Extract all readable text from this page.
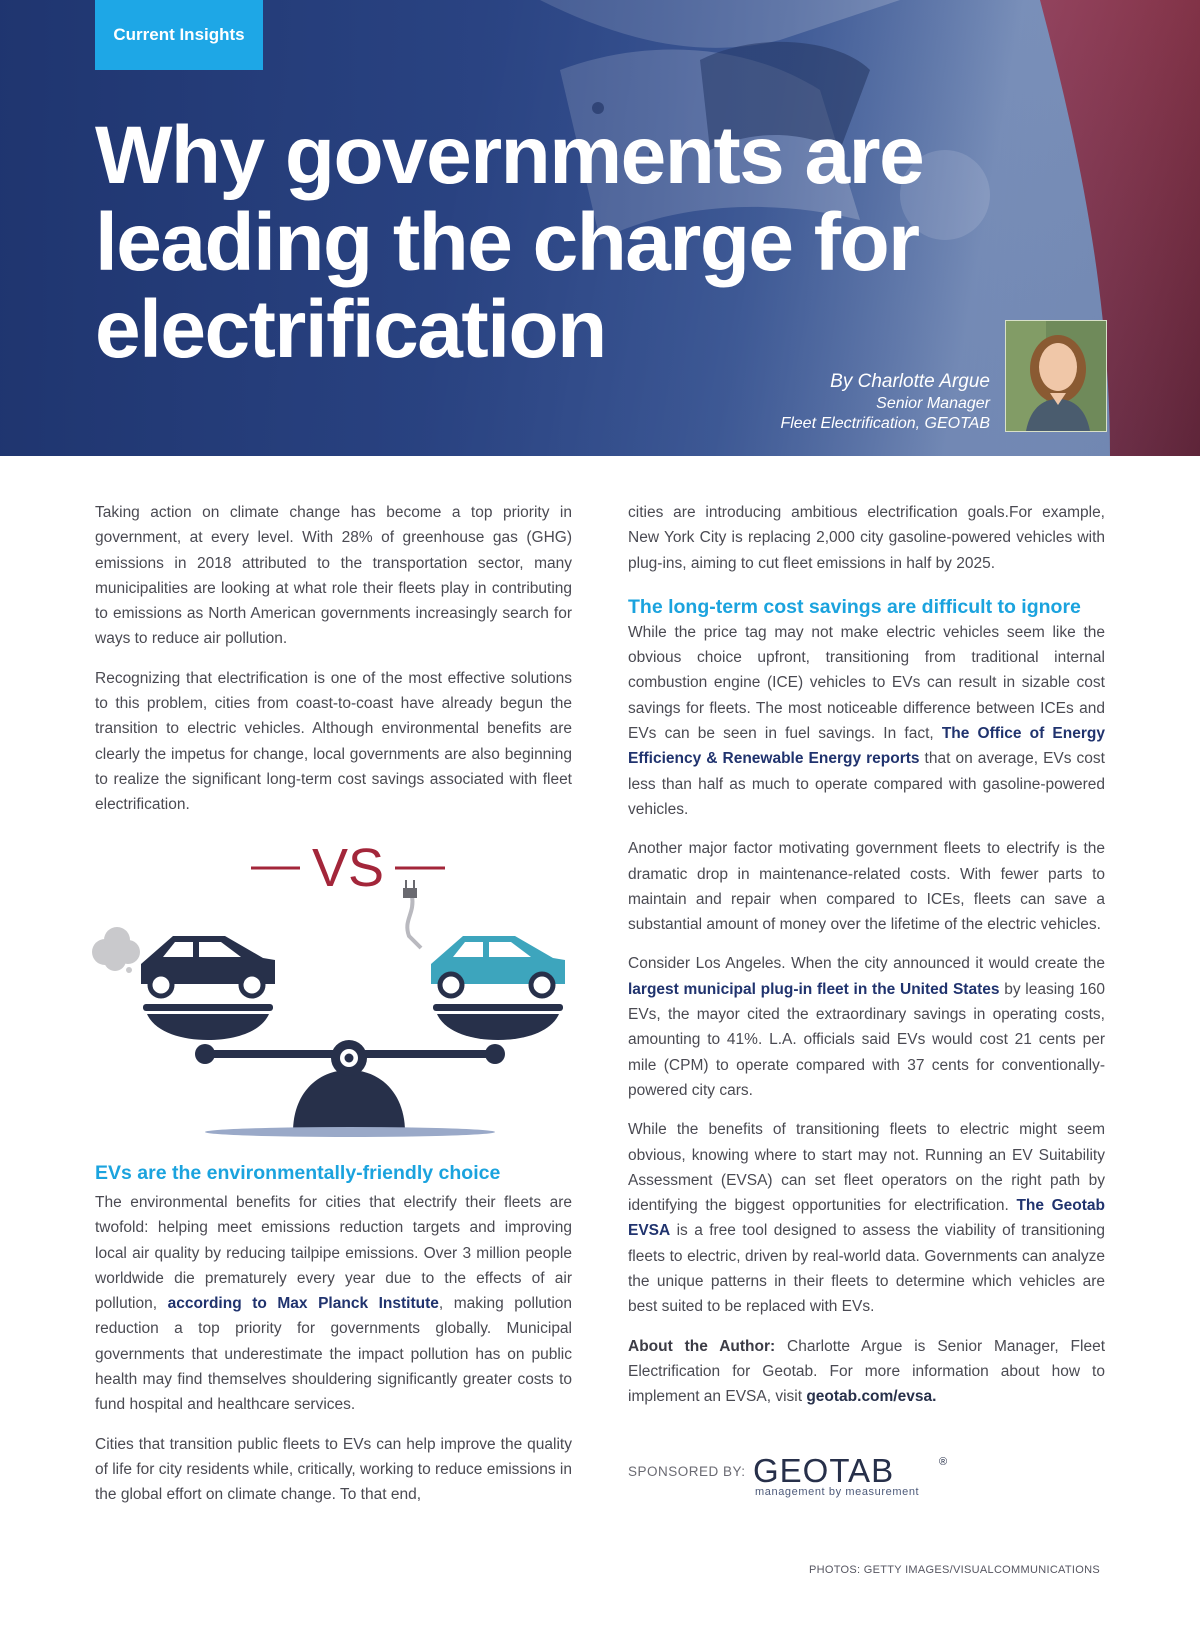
Current Insights
Why governments are leading the charge for electrification
By Charlotte Argue
Senior Manager
Fleet Electrification, GEOTAB

Taking action on climate change has become a top priority in government, at every level. With 28% of greenhouse gas (GHG) emissions in 2018 attributed to the transportation sector, many municipalities are looking at what role their fleets play in contributing to emissions as North American governments increasingly search for ways to reduce air pollution.

Recognizing that electrification is one of the most effective solutions to this problem, cities from coast-to-coast have already begun the transition to electric vehicles. Although environmental benefits are clearly the impetus for change, local governments are also beginning to realize the significant long-term cost savings associated with fleet electrification.

VS
EVs are the environmentally-friendly choice

The environmental benefits for cities that electrify their fleets are twofold: helping meet emissions reduction targets and improving local air quality by reducing tailpipe emissions. Over 3 million people worldwide die prematurely every year due to the effects of air pollution, according to Max Planck Institute, making pollution reduction a top priority for governments globally. Municipal governments that underestimate the impact pollution has on public health may find themselves shouldering significantly greater costs to fund hospital and healthcare services.

Cities that transition public fleets to EVs can help improve the quality of life for city residents while, critically, working to reduce emissions in the global effort on climate change. To that end,

cities are introducing ambitious electrification goals.For example, New York City is replacing 2,000 city gasoline-powered vehicles with plug-ins, aiming to cut fleet emissions in half by 2025.

The long-term cost savings are difficult to ignore

While the price tag may not make electric vehicles seem like the obvious choice upfront, transitioning from traditional internal combustion engine (ICE) vehicles to EVs can result in sizable cost savings for fleets. The most noticeable difference between ICEs and EVs can be seen in fuel savings. In fact, The Office of Energy Efficiency & Renewable Energy reports that on average, EVs cost less than half as much to operate compared with gasoline-powered vehicles.

Another major factor motivating government fleets to electrify is the dramatic drop in maintenance-related costs. With fewer parts to maintain and repair when compared to ICEs, fleets can save a substantial amount of money over the lifetime of the electric vehicles.

Consider Los Angeles. When the city announced it would create the largest municipal plug-in fleet in the United States by leasing 160 EVs, the mayor cited the extraordinary savings in operating costs, amounting to 41%. L.A. officials said EVs would cost 21 cents per mile (CPM) to operate compared with 37 cents for conventionally-powered city cars.

While the benefits of transitioning fleets to electric might seem obvious, knowing where to start may not. Running an EV Suitability Assessment (EVSA) can set fleet operators on the right path by identifying the biggest opportunities for electrification. The Geotab EVSA is a free tool designed to assess the viability of transitioning fleets to electric, driven by real-world data. Governments can analyze the unique patterns in their fleets to determine which vehicles are best suited to be replaced with EVs.

About the Author: Charlotte Argue is Senior Manager, Fleet Electrification for Geotab. For more information about how to implement an EVSA, visit geotab.com/evsa.

SPONSORED BY: GEOTAB	®
management by measurement
PHOTOS: GETTY IMAGES/VISUALCOMMUNICATIONS
